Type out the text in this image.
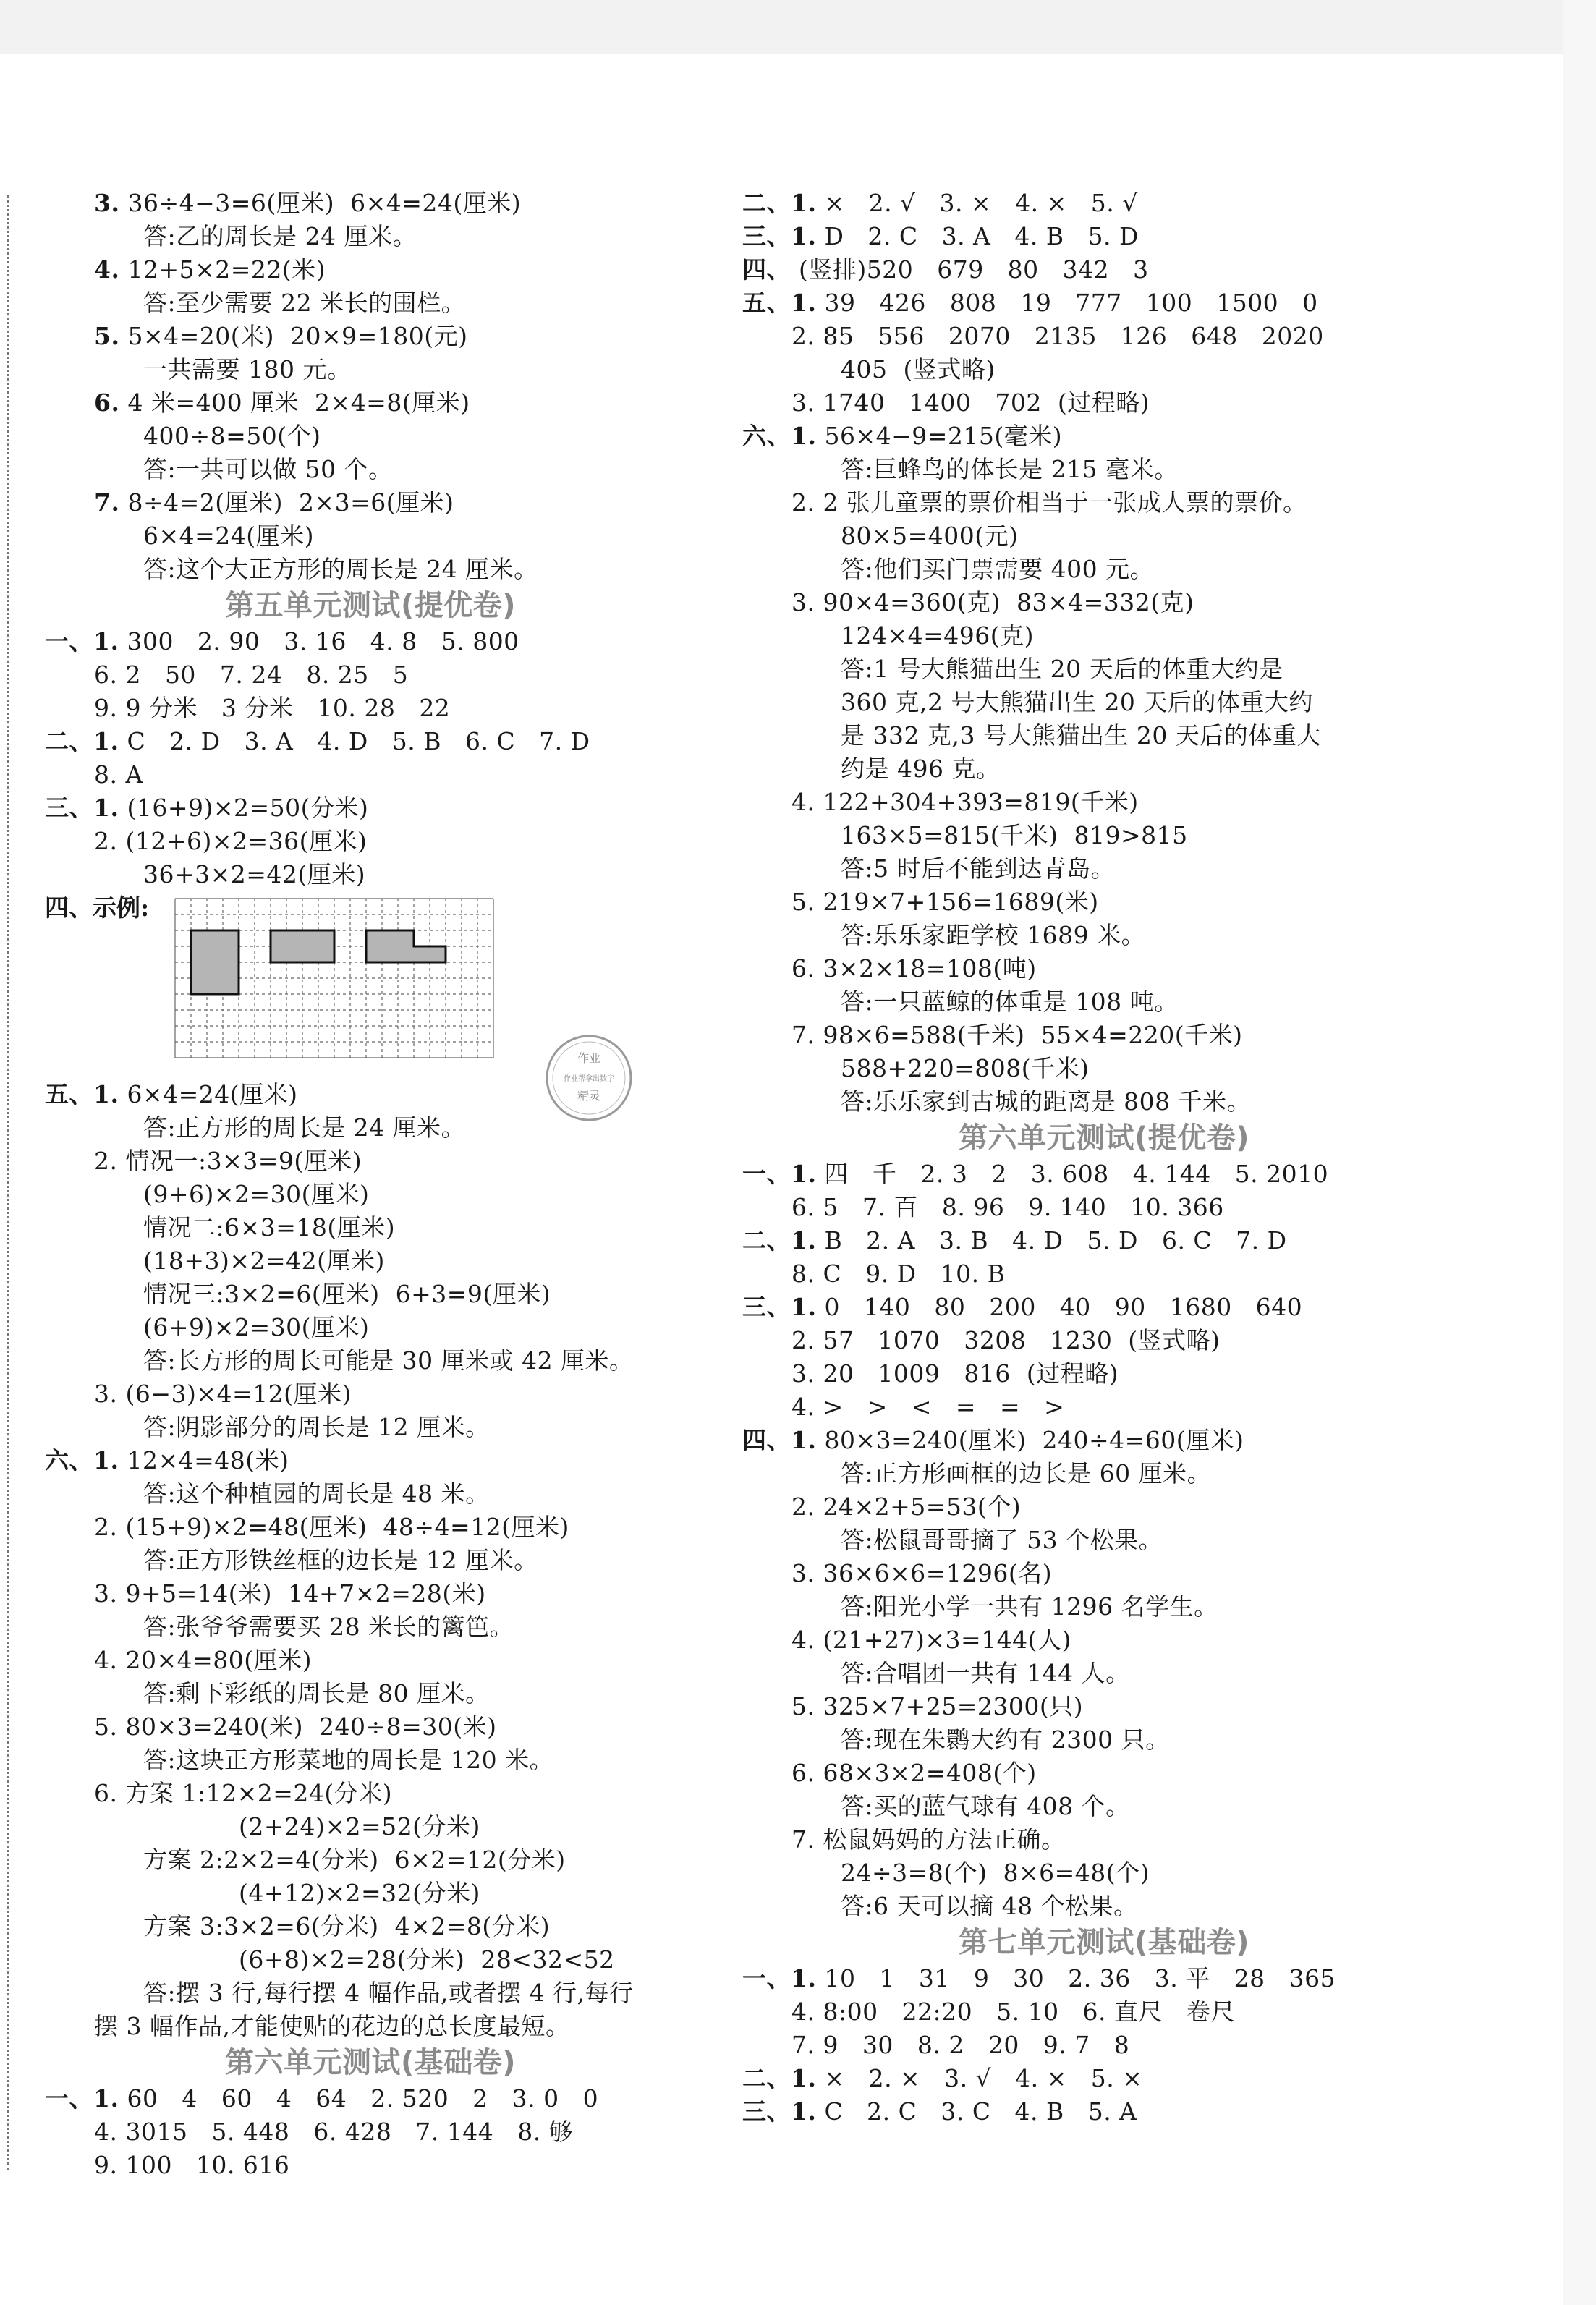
3. 36÷4−3=6(厘米)  6×4=24(厘米)
答:乙的周长是 24 厘米。
4. 12+5×2=22(米)
答:至少需要 22 米长的围栏。
5. 5×4=20(米)  20×9=180(元)
一共需要 180 元。
6. 4 米=400 厘米  2×4=8(厘米)
400÷8=50(个)
答:一共可以做 50 个。
7. 8÷4=2(厘米)  2×3=6(厘米)
6×4=24(厘米)
答:这个大正方形的周长是 24 厘米。
第五单元测试(提优卷)
一、1. 300   2. 90   3. 16   4. 8   5. 800
6. 2   50   7. 24   8. 25   5
9. 9 分米   3 分米   10. 28   22
二、1. C   2. D   3. A   4. D   5. B   6. C   7. D
8. A
三、1. (16+9)×2=50(分米)
2. (12+6)×2=36(厘米)
36+3×2=42(厘米)
四、示例:
五、1. 6×4=24(厘米)
答:正方形的周长是 24 厘米。
2. 情况一:3×3=9(厘米)
(9+6)×2=30(厘米)
情况二:6×3=18(厘米)
(18+3)×2=42(厘米)
情况三:3×2=6(厘米)  6+3=9(厘米)
(6+9)×2=30(厘米)
答:长方形的周长可能是 30 厘米或 42 厘米。
3. (6−3)×4=12(厘米)
答:阴影部分的周长是 12 厘米。
六、1. 12×4=48(米)
答:这个种植园的周长是 48 米。
2. (15+9)×2=48(厘米)  48÷4=12(厘米)
答:正方形铁丝框的边长是 12 厘米。
3. 9+5=14(米)  14+7×2=28(米)
答:张爷爷需要买 28 米长的篱笆。
4. 20×4=80(厘米)
答:剩下彩纸的周长是 80 厘米。
5. 80×3=240(米)  240÷8=30(米)
答:这块正方形菜地的周长是 120 米。
6. 方案 1:12×2=24(分米)
(2+24)×2=52(分米)
方案 2:2×2=4(分米)  6×2=12(分米)
(4+12)×2=32(分米)
方案 3:3×2=6(分米)  4×2=8(分米)
(6+8)×2=28(分米)  28<32<52
答:摆 3 行,每行摆 4 幅作品,或者摆 4 行,每行
摆 3 幅作品,才能使贴的花边的总长度最短。
第六单元测试(基础卷)
一、1. 60   4   60   4   64   2. 520   2   3. 0   0
4. 3015   5. 448   6. 428   7. 144   8. 够
9. 100   10. 616
二、1. ×   2. √   3. ×   4. ×   5. √
三、1. D   2. C   3. A   4. B   5. D
四、 (竖排)520   679   80   342   3
五、1. 39   426   808   19   777   100   1500   0
2. 85   556   2070   2135   126   648   2020
405  (竖式略)
3. 1740   1400   702  (过程略)
六、1. 56×4−9=215(毫米)
答:巨蜂鸟的体长是 215 毫米。
2. 2 张儿童票的票价相当于一张成人票的票价。
80×5=400(元)
答:他们买门票需要 400 元。
3. 90×4=360(克)  83×4=332(克)
124×4=496(克)
答:1 号大熊猫出生 20 天后的体重大约是
360 克,2 号大熊猫出生 20 天后的体重大约
是 332 克,3 号大熊猫出生 20 天后的体重大
约是 496 克。
4. 122+304+393=819(千米)
163×5=815(千米)  819>815
答:5 时后不能到达青岛。
5. 219×7+156=1689(米)
答:乐乐家距学校 1689 米。
6. 3×2×18=108(吨)
答:一只蓝鲸的体重是 108 吨。
7. 98×6=588(千米)  55×4=220(千米)
588+220=808(千米)
答:乐乐家到古城的距离是 808 千米。
第六单元测试(提优卷)
一、1. 四   千   2. 3   2   3. 608   4. 144   5. 2010
6. 5   7. 百   8. 96   9. 140   10. 366
二、1. B   2. A   3. B   4. D   5. D   6. C   7. D
8. C   9. D   10. B
三、1. 0   140   80   200   40   90   1680   640
2. 57   1070   3208   1230  (竖式略)
3. 20   1009   816  (过程略)
4. >   >   <   =   =   >
四、1. 80×3=240(厘米)  240÷4=60(厘米)
答:正方形画框的边长是 60 厘米。
2. 24×2+5=53(个)
答:松鼠哥哥摘了 53 个松果。
3. 36×6×6=1296(名)
答:阳光小学一共有 1296 名学生。
4. (21+27)×3=144(人)
答:合唱团一共有 144 人。
5. 325×7+25=2300(只)
答:现在朱鹮大约有 2300 只。
6. 68×3×2=408(个)
答:买的蓝气球有 408 个。
7. 松鼠妈妈的方法正确。
24÷3=8(个)  8×6=48(个)
答:6 天可以摘 48 个松果。
第七单元测试(基础卷)
一、1. 10   1   31   9   30   2. 36   3. 平   28   365
4. 8:00   22:20   5. 10   6. 直尺   卷尺
7. 9   30   8. 2   20   9. 7   8
二、1. ×   2. ×   3. √   4. ×   5. ×
三、1. C   2. C   3. C   4. B   5. A
作业
作业帮拿出数字
精灵
